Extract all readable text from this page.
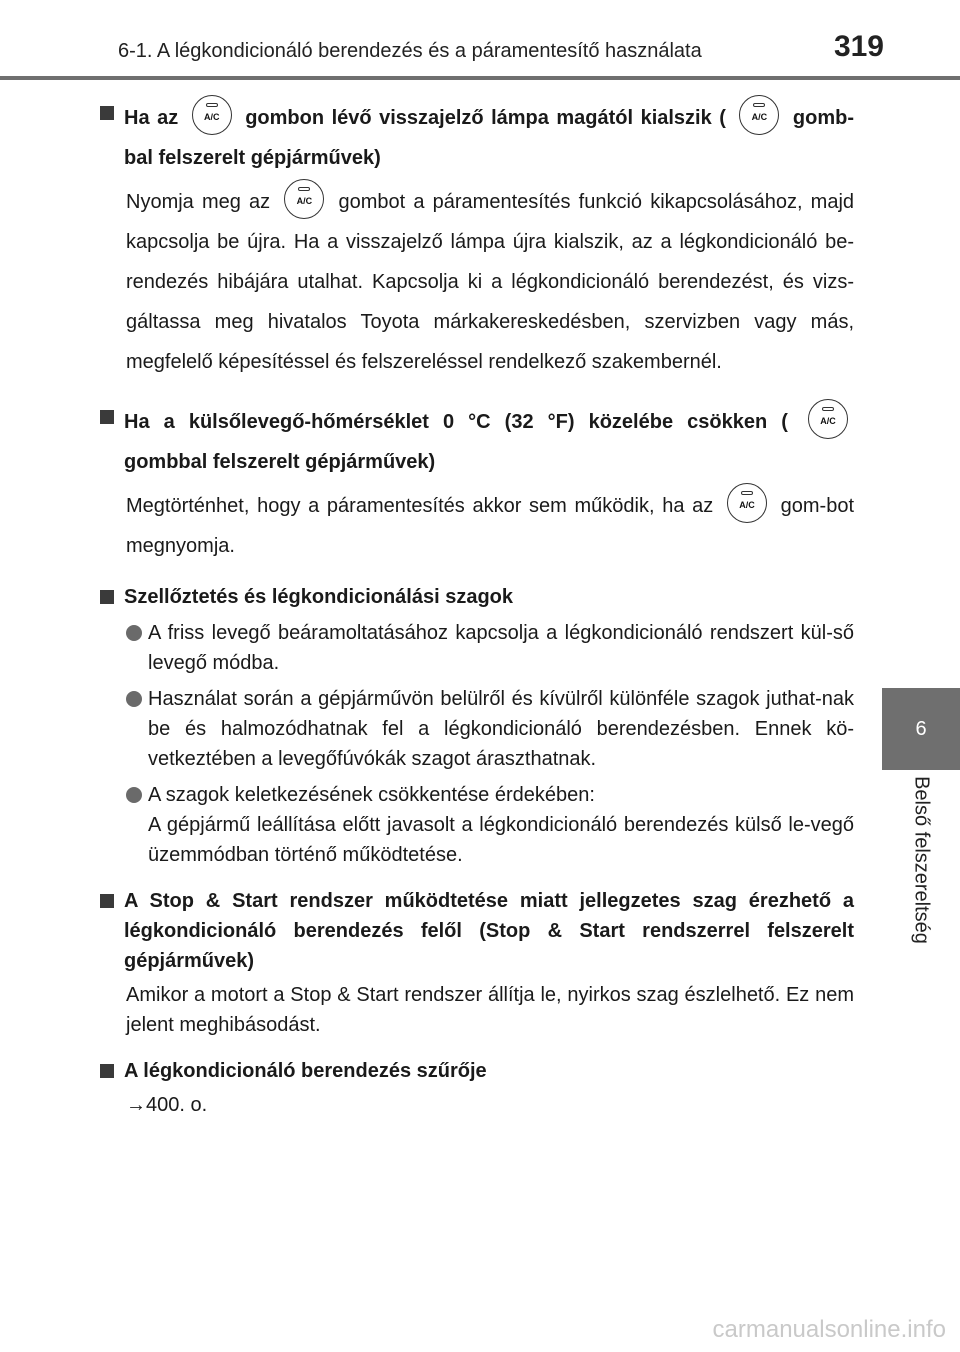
6-1. A légkondicionáló berendezés és a páramentesítő használata	319
6
Belső felszereltség
Ha az	A/C	gombon lévő visszajelző lámpa magától kialszik (	A/C	gomb-bal felszerelt gépjárművek)
Nyomja meg az	A/C	gombot a páramentesítés funkció kikapcsolásához, majd kapcsolja be újra. Ha a visszajelző lámpa újra kialszik, az a légkondicionáló be-rendezés hibájára utalhat. Kapcsolja ki a légkondicionáló berendezést, és vizs-gáltassa meg hivatalos Toyota márkakereskedésben, szervizben vagy más, megfelelő képesítéssel és felszereléssel rendelkező szakembernél.
Ha a külsőlevegő-hőmérséklet 0 °C (32 °F) közelébe csökken (	A/C
gombbal felszerelt gépjárművek)
Megtörténhet, hogy a páramentesítés akkor sem működik, ha az	A/C	gom-bot megnyomja.
Szellőztetés és légkondicionálási szagok
A friss levegő beáramoltatásához kapcsolja a légkondicionáló rendszert kül-ső levegő módba.
Használat során a gépjárművön belülről és kívülről különféle szagok juthat-nak be és halmozódhatnak fel a légkondicionáló berendezésben. Ennek kö-vetkeztében a levegőfúvókák szagot áraszthatnak.
A szagok keletkezésének csökkentése érdekében:
A gépjármű leállítása előtt javasolt a légkondicionáló berendezés külső le-vegő üzemmódban történő működtetése.
A Stop & Start rendszer működtetése miatt jellegzetes szag érezhető a légkondicionáló berendezés felől (Stop & Start rendszerrel felszerelt gépjárművek)
Amikor a motort a Stop & Start rendszer állítja le, nyirkos szag észlelhető. Ez nem jelent meghibásodást.
A légkondicionáló berendezés szűrője
→400. o.
carmanualsonline.info
